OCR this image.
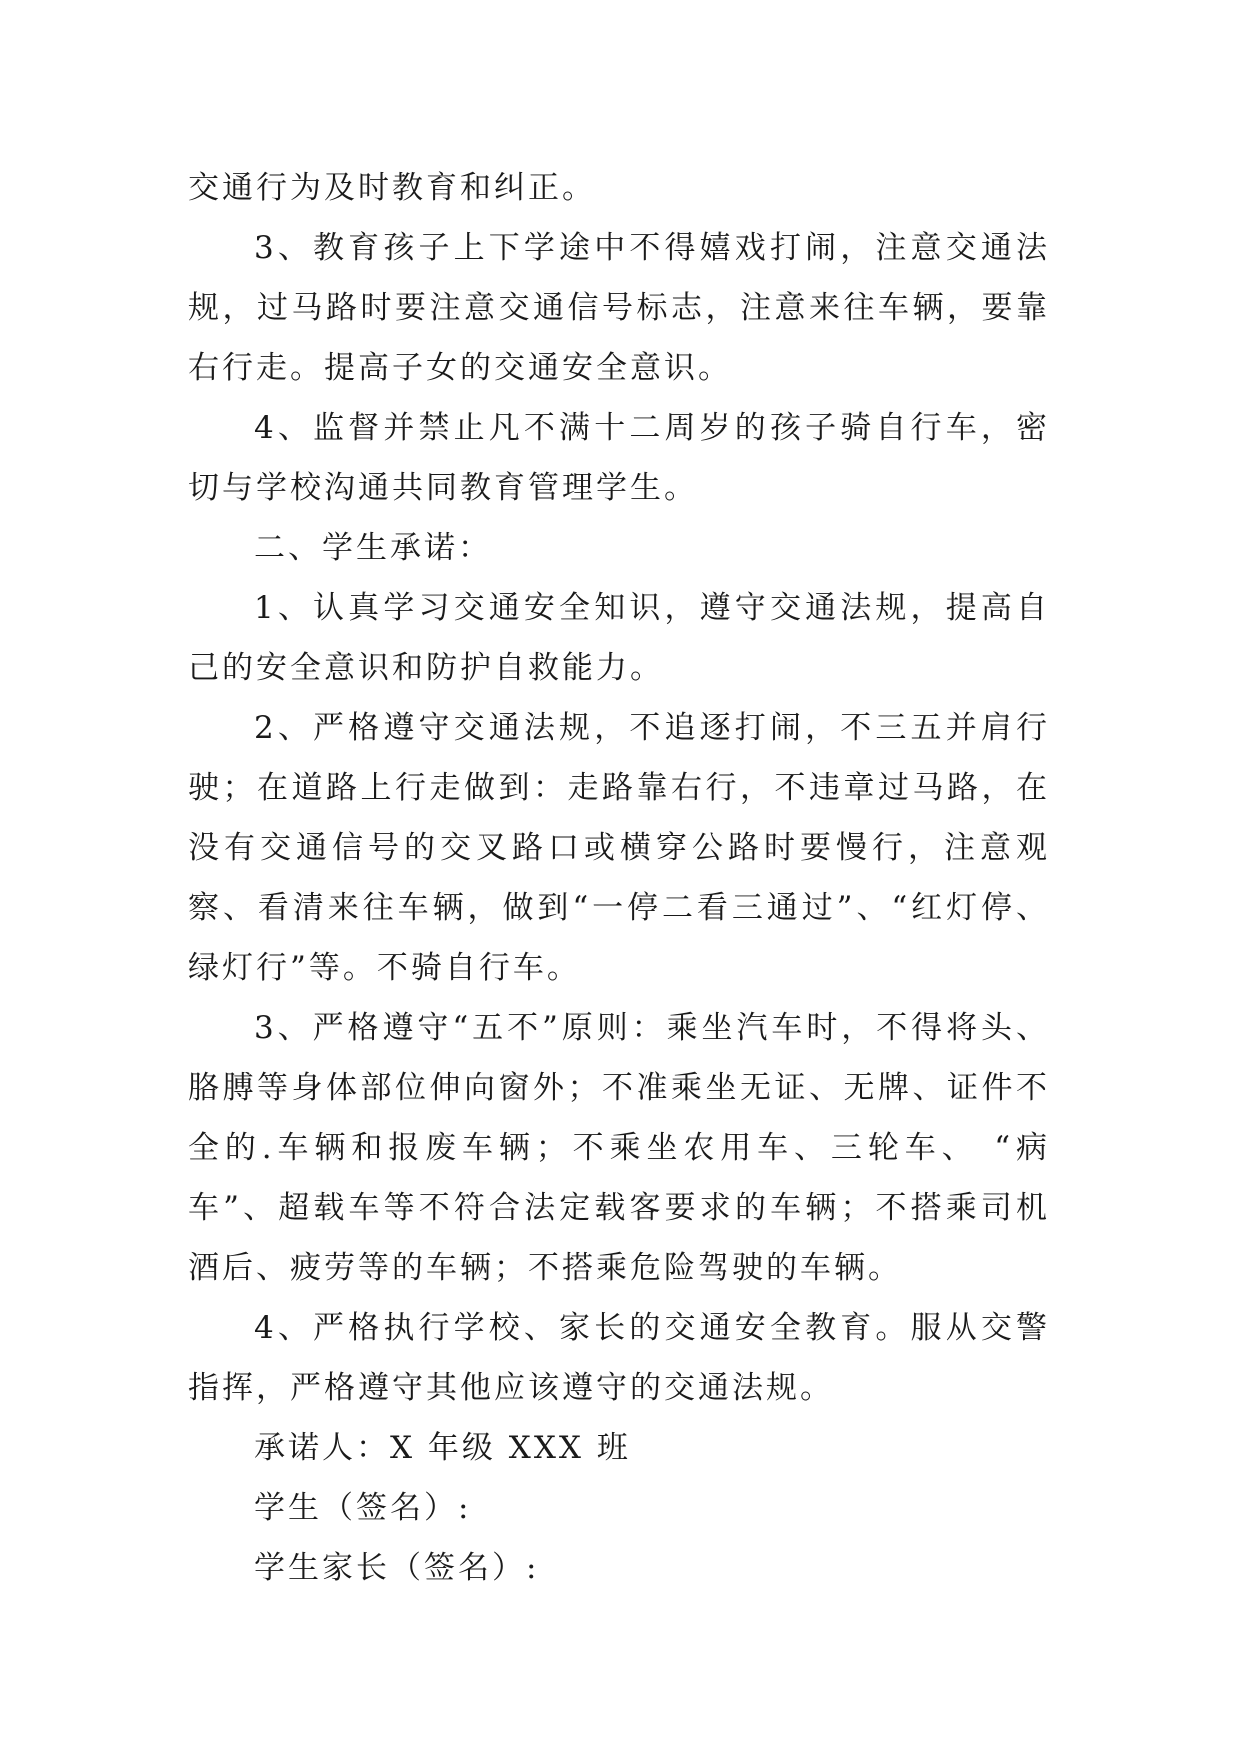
交通行为及时教育和纠正。

3、教育孩子上下学途中不得嬉戏打闹，注意交通法规，过马路时要注意交通信号标志，注意来往车辆，要靠右行走。提高子女的交通安全意识。

4、监督并禁止凡不满十二周岁的孩子骑自行车，密切与学校沟通共同教育管理学生。

二、学生承诺：

1、认真学习交通安全知识，遵守交通法规，提高自己的安全意识和防护自救能力。

2、严格遵守交通法规，不追逐打闹，不三五并肩行驶；在道路上行走做到：走路靠右行，不违章过马路，在没有交通信号的交叉路口或横穿公路时要慢行，注意观察、看清来往车辆，做到“一停二看三通过”、“红灯停、绿灯行”等。不骑自行车。

3、严格遵守“五不”原则：乘坐汽车时，不得将头、胳膊等身体部位伸向窗外；不准乘坐无证、无牌、证件不全的.车辆和报废车辆；不乘坐农用车、三轮车、 “病车”、超载车等不符合法定载客要求的车辆；不搭乘司机酒后、疲劳等的车辆；不搭乘危险驾驶的车辆。

4、严格执行学校、家长的交通安全教育。服从交警指挥，严格遵守其他应该遵守的交通法规。

承诺人：X 年级 XXX 班

学生（签名）:

学生家长（签名）:
